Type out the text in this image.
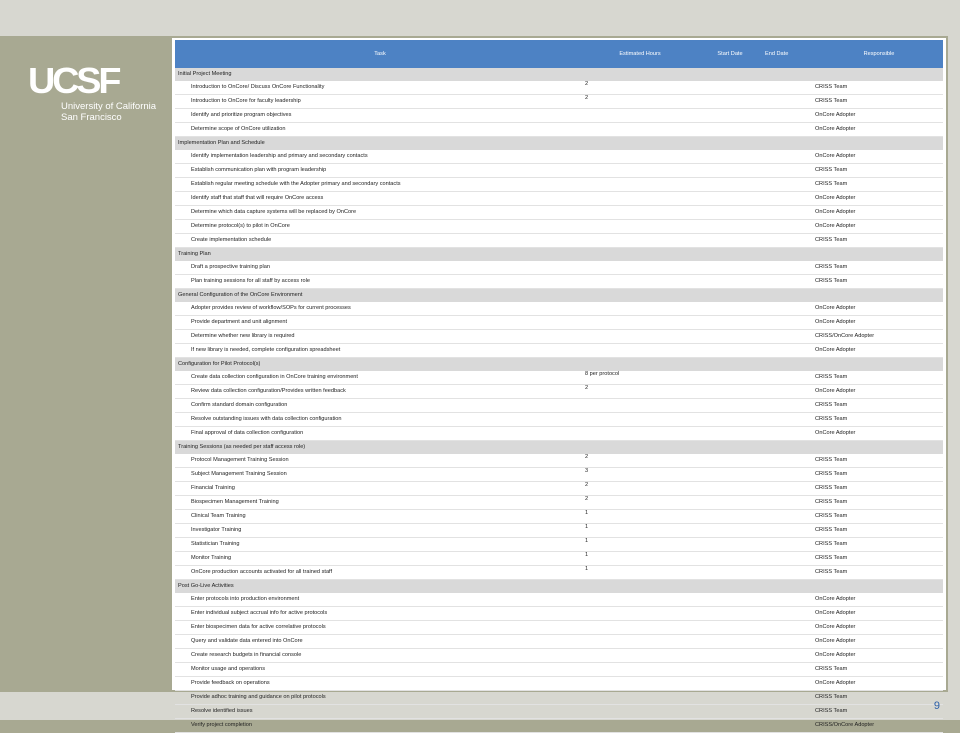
UCSF
University of California
San Francisco
Task	Estimated Hours	Start Date	End Date	Responsible
Initial Project Meeting				
Introduction to OnCore/ Discuss OnCore Functionality	2			CRISS Team
Introduction to OnCore for faculty leadership	2			CRISS Team
Identify and prioritize program objectives				OnCore Adopter
Determine scope of OnCore utilization				OnCore Adopter
Implementation Plan and Schedule				
Identify implementation leadership and primary and secondary contacts				OnCore Adopter
Establish communication plan with program leadership				CRISS Team
Establish regular meeting schedule with the Adopter primary and secondary contacts				CRISS Team
Identify staff that staff that will require OnCore access				OnCore Adopter
Determine which data capture systems will be replaced by OnCore				OnCore Adopter
Determine protocol(s) to pilot in OnCore				OnCore Adopter
Create implementation schedule				CRISS Team
Training Plan				
Draft a prospective training plan				CRISS Team
Plan training sessions for all staff by access role				CRISS Team
General Configuration of the OnCore Environment				
Adopter provides review of workflow/SOPs for current processes				OnCore Adopter
Provide department and unit alignment				OnCore Adopter
Determine whether new library is required				CRISS/OnCore Adopter
If new library is needed, complete configuration spreadsheet				OnCore Adopter
Configuration for Pilot Protocol(s)				
Create data collection configuration in OnCore training environment	8 per protocol			CRISS Team
Review data collection configuration/Provides written feedback	2			OnCore Adopter
Confirm standard domain configuration				CRISS Team
Resolve outstanding issues with data collection configuration				CRISS Team
Final approval of data collection configuration				OnCore Adopter
Training Sessions (as needed per staff access role)				
Protocol Management Training Session	2			CRISS Team
Subject Management Training Session	3			CRISS Team
Financial Training	2			CRISS Team
Biospecimen Management Training	2			CRISS Team
Clinical Team Training	1			CRISS Team
Investigator Training	1			CRISS Team
Statistician Training	1			CRISS Team
Monitor Training	1			CRISS Team
OnCore production accounts activated for all trained staff	1			CRISS Team
Post Go-Live Activities				
Enter protocols into production environment				OnCore Adopter
Enter individual subject accrual info for active protocols				OnCore Adopter
Enter biospecimen data for active correlative protocols				OnCore Adopter
Query and validate data entered into OnCore				OnCore Adopter
Create research budgets in financial console				OnCore Adopter
Monitor usage and operations				CRISS Team
Provide feedback on operations				OnCore Adopter
Provide adhoc training and guidance on pilot protocols				CRISS Team
Resolve identified issues				CRISS Team
Verify project completion				CRISS/OnCore Adopter
9
